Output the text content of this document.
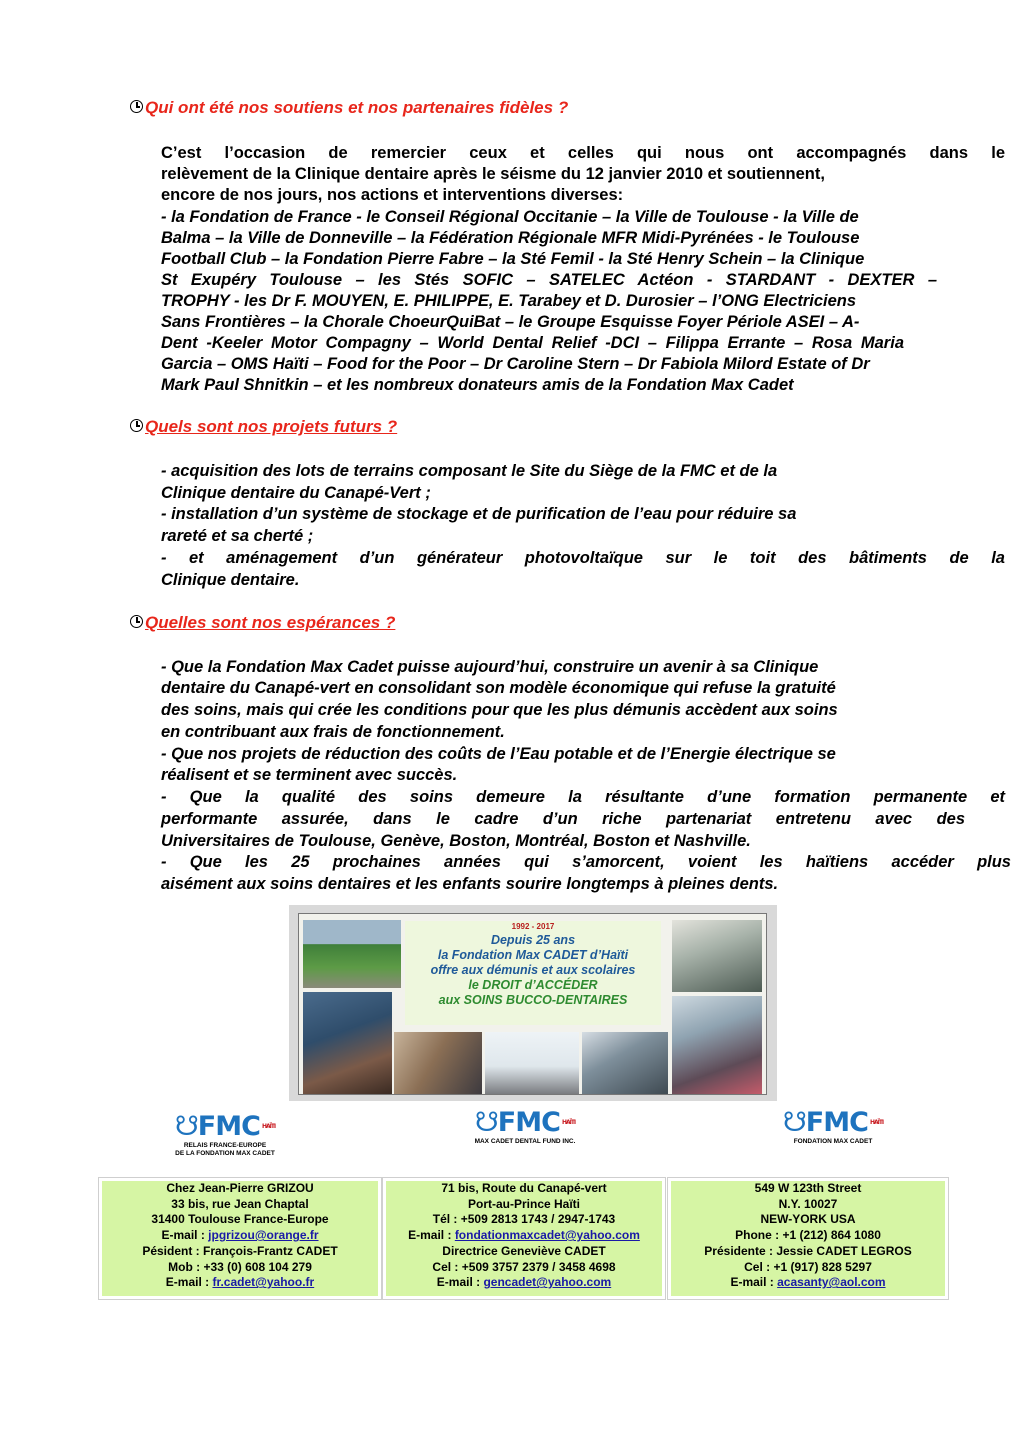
Qui ont été nos soutiens et nos partenaires fidèles ?
C’est l’occasion de remercier ceux et celles qui nous ont accompagnés dans le
relèvement de la Clinique dentaire après le séisme du 12 janvier 2010 et soutiennent,
encore de nos jours, nos actions et interventions diverses:
- la Fondation de France - le Conseil Régional Occitanie – la Ville de Toulouse - la Ville de
Balma – la Ville de Donneville – la Fédération Régionale MFR Midi-Pyrénées - le Toulouse
Football Club – la Fondation Pierre Fabre – la Sté Femil - la Sté Henry Schein – la Clinique
St Exupéry Toulouse – les Stés SOFIC – SATELEC Actéon - STARDANT - DEXTER –
TROPHY - les Dr F. MOUYEN, E. PHILIPPE, E. Tarabey et D. Durosier – l’ONG Electriciens
Sans Frontières – la Chorale ChoeurQuiBat – le Groupe Esquisse Foyer Périole ASEI – A-
Dent -Keeler Motor Compagny – World Dental Relief -DCI – Filippa Errante – Rosa Maria
Garcia – OMS Haïti – Food for the Poor – Dr Caroline Stern – Dr Fabiola Milord Estate of Dr
Mark Paul Shnitkin – et les nombreux donateurs amis de la Fondation Max Cadet
Quels sont nos projets futurs ?
- acquisition des lots de terrains composant le Site du Siège de la FMC et de la
Clinique dentaire du Canapé-Vert ;
- installation d’un système de stockage et de purification de l’eau pour réduire sa
rareté et sa cherté ;
- et aménagement d’un générateur photovoltaïque sur le toit des bâtiments de la
Clinique dentaire.
Quelles sont nos espérances ?
- Que la Fondation Max Cadet puisse aujourd’hui, construire un avenir à sa Clinique
dentaire du Canapé-vert en consolidant son modèle économique qui refuse la gratuité
des soins, mais qui crée les conditions pour que les plus démunis accèdent aux soins
en contribuant aux frais de fonctionnement.
- Que nos projets de réduction des coûts de l’Eau potable et de l’Energie électrique se
réalisent et se terminent avec succès.
- Que la qualité des soins demeure la résultante d’une formation permanente et
performante assurée, dans le cadre d’un riche partenariat entretenu avec des
Universitaires de Toulouse, Genève, Boston, Montréal, Boston et Nashville.
- Que les 25 prochaines années qui s’amorcent, voient les haïtiens accéder plus
aisément aux soins dentaires et les enfants sourire longtemps à pleines dents.
1992 - 2017
Depuis 25 ans
la Fondation Max CADET d’Haïti
offre aux démunis et aux scolaires
le DROIT d’ACCÉDER
aux SOINS BUCCO-DENTAIRES
☋FMC $^{HAÏTI}$
RELAIS FRANCE-EUROPE
DE LA FONDATION MAX CADET
☋FMC $^{HAÏTI}$
MAX CADET DENTAL FUND INC.
☋FMC $^{HAÏTI}$
FONDATION MAX CADET
Chez Jean-Pierre GRIZOU
33 bis, rue Jean Chaptal
31400 Toulouse France-Europe
E-mail : jpgrizou@orange.fr
Pésident : François-Frantz CADET
Mob : +33 (0) 608 104 279
E-mail : fr.cadet@yahoo.fr
71 bis, Route du Canapé-vert
Port-au-Prince Haïti
Tél : +509 2813 1743 / 2947-1743
E-mail : fondationmaxcadet@yahoo.com
Directrice Geneviève CADET
Cel : +509 3757 2379 / 3458 4698
E-mail : gencadet@yahoo.com
549 W 123th Street
N.Y. 10027
NEW-YORK USA
Phone : +1 (212) 864 1080
Présidente : Jessie CADET LEGROS
Cel : +1 (917) 828 5297
E-mail : acasanty@aol.com
